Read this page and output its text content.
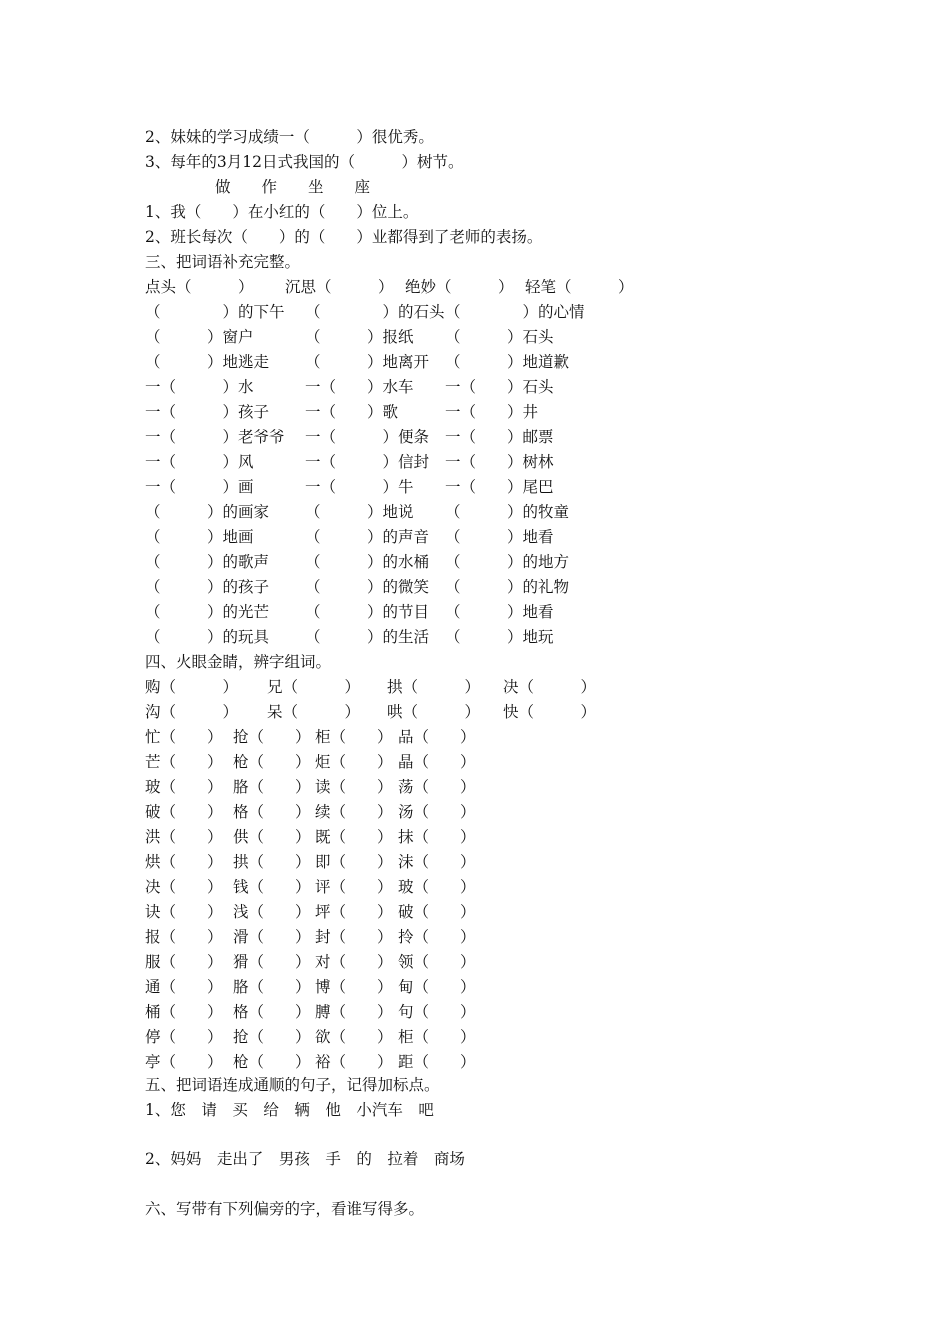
2、妹妹的学习成绩一（　　　）很优秀。
3、每年的3月12日式我国的（　　　）树节。
做　　作　　坐　　座
1、我（　　）在小红的（　　）位上。
2、班长每次（　　）的（　　）业都得到了老师的表扬。
三、把词语补充完整。
点头（　　　） 沉思（　　　） 绝妙（　　　） 轻笔（　　　）
（　　　　）的下午 （　　　　）的石头 （　　　　）的心情
（　　　）窗户	（　　　）报纸 （　　　）石头
（　　　）地逃走 （　　　）地离开 （　　　）地道歉
一（　　　）水	一（　　）水车 一（　　）石头
一（　　　）孩子 一（　　）歌	一（　　）井
一（　　　）老爷爷 一（　　　）便条 一（　　）邮票
一（　　　）风	一（　　　）信封 一（　　）树林
一（　　　）画	一（　　　）牛 一（　　）尾巴
（　　　）的画家 （　　　）地说 （　　　）的牧童
（　　　）地画	（　　　）的声音 （　　　）地看
（　　　）的歌声 （　　　）的水桶 （　　　）的地方
（　　　）的孩子 （　　　）的微笑 （　　　）的礼物
（　　　）的光芒 （　　　）的节目 （　　　）地看
（　　　）的玩具 （　　　）的生活 （　　　）地玩
四、火眼金睛，辨字组词。
购（　　　） 兄（　　　） 拱（　　　） 决（　　　）
沟（　　　） 呆（　　　） 哄（　　　） 快（　　　）
忙（　　） 抢（　　） 柜（　　） 品（　　）
芒（　　） 枪（　　） 炬（　　） 晶（　　）
玻（　　） 胳（　　） 读（　　） 荡（　　）
破（　　） 格（　　） 续（　　） 汤（　　）
洪（　　） 供（　　） 既（　　） 抹（　　）
烘（　　） 拱（　　） 即（　　） 沫（　　）
决（　　） 钱（　　） 评（　　） 玻（　　）
诀（　　） 浅（　　） 坪（　　） 破（　　）
报（　　） 滑（　　） 封（　　） 拎（　　）
服（　　） 猾（　　） 对（　　） 领（　　）
通（　　） 胳（　　） 博（　　） 甸（　　）
桶（　　） 格（　　） 膊（　　） 句（　　）
停（　　） 抢（　　） 欲（　　） 柜（　　）
亭（　　） 枪（　　） 裕（　　） 距（　　）
五、把词语连成通顺的句子，记得加标点。
1、您　请　买　给　辆　他　小汽车　吧
2、妈妈　走出了　男孩　手　的　拉着　商场
六、写带有下列偏旁的字，看谁写得多。
